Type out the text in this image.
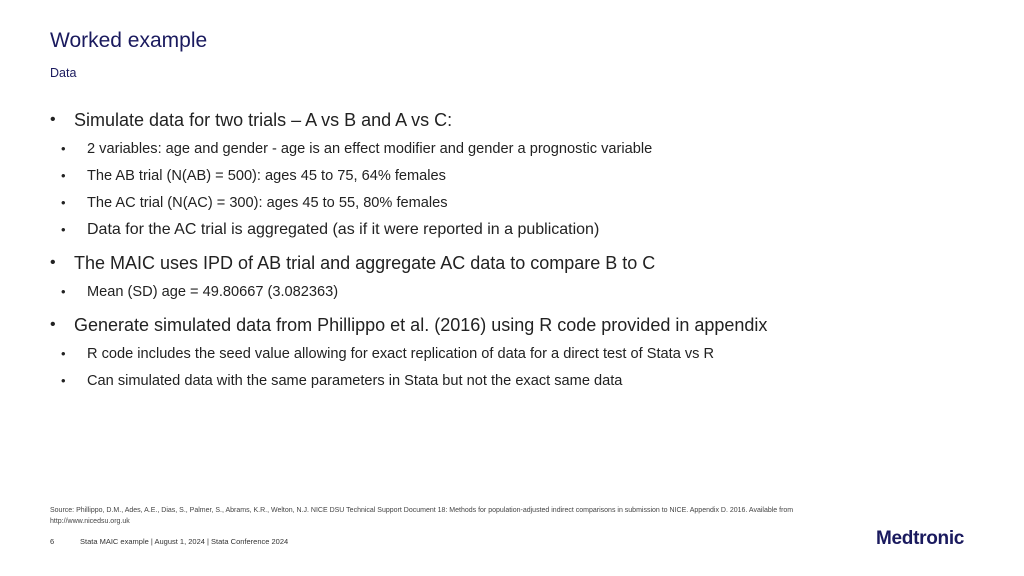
Worked example
Data
• Simulate data for two trials – A vs B and A vs C:
• 2 variables: age and gender - age is an effect modifier and gender a prognostic variable
• The AB trial (N(AB) = 500): ages 45 to 75, 64% females
• The AC trial (N(AC) = 300): ages 45 to 55, 80% females
• Data for the AC trial is aggregated (as if it were reported in a publication)
• The MAIC uses IPD of AB trial and aggregate AC data to compare B to C
• Mean (SD) age = 49.80667 (3.082363)
• Generate simulated data from Phillippo et al. (2016) using R code provided in appendix
• R code includes the seed value allowing for exact replication of data for a direct test of Stata vs R
• Can simulated data with the same parameters in Stata but not the exact same data
Source: Phillippo, D.M., Ades, A.E., Dias, S., Palmer, S., Abrams, K.R., Welton, N.J. NICE DSU Technical Support Document 18: Methods for population-adjusted indirect comparisons in submission to NICE. Appendix D. 2016. Available from http://www.nicedsu.org.uk
6	Stata MAIC example | August 1, 2024 | Stata Conference 2024	Medtronic
